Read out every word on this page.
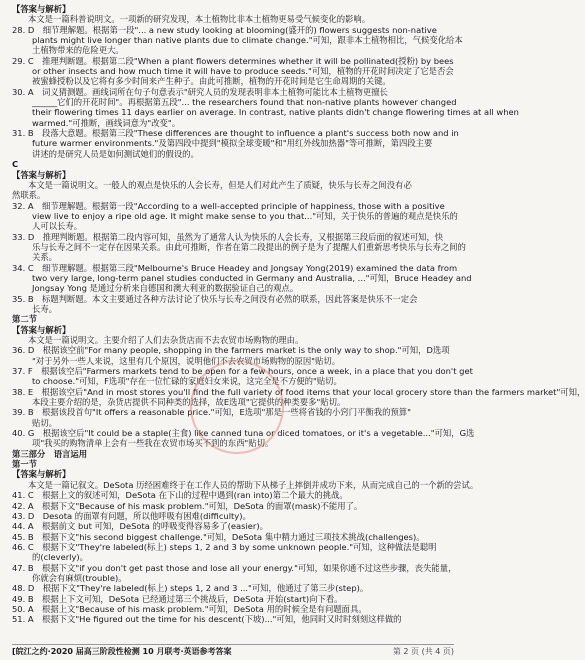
【答案与解析】
本文是一篇科普说明文。一项新的研究发现，本土植物比非本土植物更易受气候变化的影响。
28. D　细节理解题。根据第一段"... a new study looking at blooming(盛开的) flowers suggests non-native
plants might live longer than native plants due to climate change."可知，跟非本土植物相比，气候变化给本
土植物带来的危险更大。
29. C　推理判断题。根据第二段"When a plant flowers determines whether it will be pollinated(授粉) by bees
or other insects and how much time it will have to produce seeds."可知，植物的开花时间决定了它是否会
被蜜蜂授粉以及它将有多少时间来产生种子。由此可推断，植物的开花时间是它生命周期的关键。
30. A　词义猜测题。画线词所在句子句意表示"研究人员的发现表明非本土植物可能比本土植物更擅长
______它们的开花时间"。再根据第五段"... the researchers found that non-native plants however changed
their flowering times 11 days earlier on average. In contrast, native plants didn't change flowering times at all when
warmed."可推断，画线词意为"改变"。
31. B　段落大意题。根据第三段"These differences are thought to influence a plant's success both now and in
future warmer environments."及第四段中提到"模拟全球变暖"和"用红外线加热器"等可推断，第四段主要
讲述的是研究人员是如何测试她们的假设的。
C
【答案与解析】
本文是一篇说明文。一般人的观点是快乐的人会长寿，但是人们对此产生了质疑，快乐与长寿之间没有必
然联系。
32. A　细节理解题。根据第一段"According to a well-accepted principle of happiness, those with a positive
view live to enjoy a ripe old age. It might make sense to you that..."可知，关于快乐的普遍的观点是快乐的
人可以长寿。
33. D　推理判断题。根据第二段内容可知，虽然为了通常人认为快乐的人会长寿，又根据第三段后面的叙述可知，快
乐与长寿之间不一定存在因果关系。由此可推断，作者在第二段提出的例子是为了提醒人们重新思考快乐与长寿之间的
关系。
34. C　细节理解题。根据第三段"Melbourne's Bruce Headey and Jongsay Yong(2019) examined the data from
two very large, long-term panel studies conducted in Germany and Australia, ..."可知，Bruce Headey and
Jongsay Yong 是通过分析来自德国和澳大利亚的数据验证自己的观点。
35. B　标题判断题。本文主要通过各种方法讨论了快乐与长寿之间没有必然的联系，因此答案是快乐不一定会
长寿。
第二节
【答案与解析】
本文是一篇说明文。主要介绍了人们去杂货店而不去农贸市场购物的理由。
36. D　根据该空前"For many people, shopping in the farmers market is the only way to shop."可知，D选项
"对于另外一些人来说，这里有几个原因，说明他们不去农贸市场购物的原因"贴切。
37. F　根据该空后"Farmers markets tend to be open for a few hours, once a week, in a place that you don't get
to choose."可知，F选项"存在一位忙碌的家庭妇女来说，这完全是不方便的"贴切。
38. E　根据该空后"And in most stores you'll find the full variety of food items that your local grocery store than the farmers market"可知，
本段主要介绍的是，杂货店提供不同种类的选择，故E选项"它提供的种类要多"贴切。
39. B　根据该段首句"It offers a reasonable price."可知，E选项"那是一些将省钱的小窍门平衡我的预算"
贴切。
40. G　根据该空后"It could be a staple(主食) like canned tuna or diced tomatoes, or it's a vegetable..."可知，G选
项"我买的购物清单上会有一些我在农贸市场买不到的东西"贴切。
第三部分　语言运用
第一节
【答案与解析】
本文是一篇记叙文。DeSota 历经困难终于在工作人员的帮助下从梯子上摔倒并成功下来，从而完成自己的一个新的尝试。
41. C　根据上文的叙述可知，DeSota 在下山的过程中遇到(ran into)第二个最大的挑战。
42. A　根据下文"Because of his mask problem."可知，DeSota 的面罩(mask)不能用了。
43. D　Desota 的面罩有问题，所以他呼吸有困难(difficulty)。
44. A　根据前文 but 可知，DeSota 的呼吸变得容易多了(easier)。
45. B　根据下文"his second biggest challenge."可知，DeSota 集中精力通过三项技术挑战(challenges)。
46. C　根据下文"They're labeled(标上) steps 1, 2 and 3 by some unknown people."可知，这种做法是聪明
的(cleverly)。
47. B　根据下文"if you don't get past those and lose all your energy."可知，如果你通不过这些步骤，丧失能量，
你就会有麻烦(trouble)。
48. D　根据下文"They're labeled(标上) steps 1, 2 and 3 ..."可知，他通过了第三步(step)。
49. B　根据上下文可知，DeSota 已经通过第三个挑战后，DeSota 开始(start)向下看。
50. A　根据上文"Because of his mask problem."可知，DeSota 用的时候全是有问题面具。
51. A　根据下文"He figured out the time for his descent(下坡)..."可知，他同时又时时刻刻这样做的
[皖江之约·2020 届高三阶段性检测 10 月联考·英语参考答案	第 2 页 (共 4 页)
